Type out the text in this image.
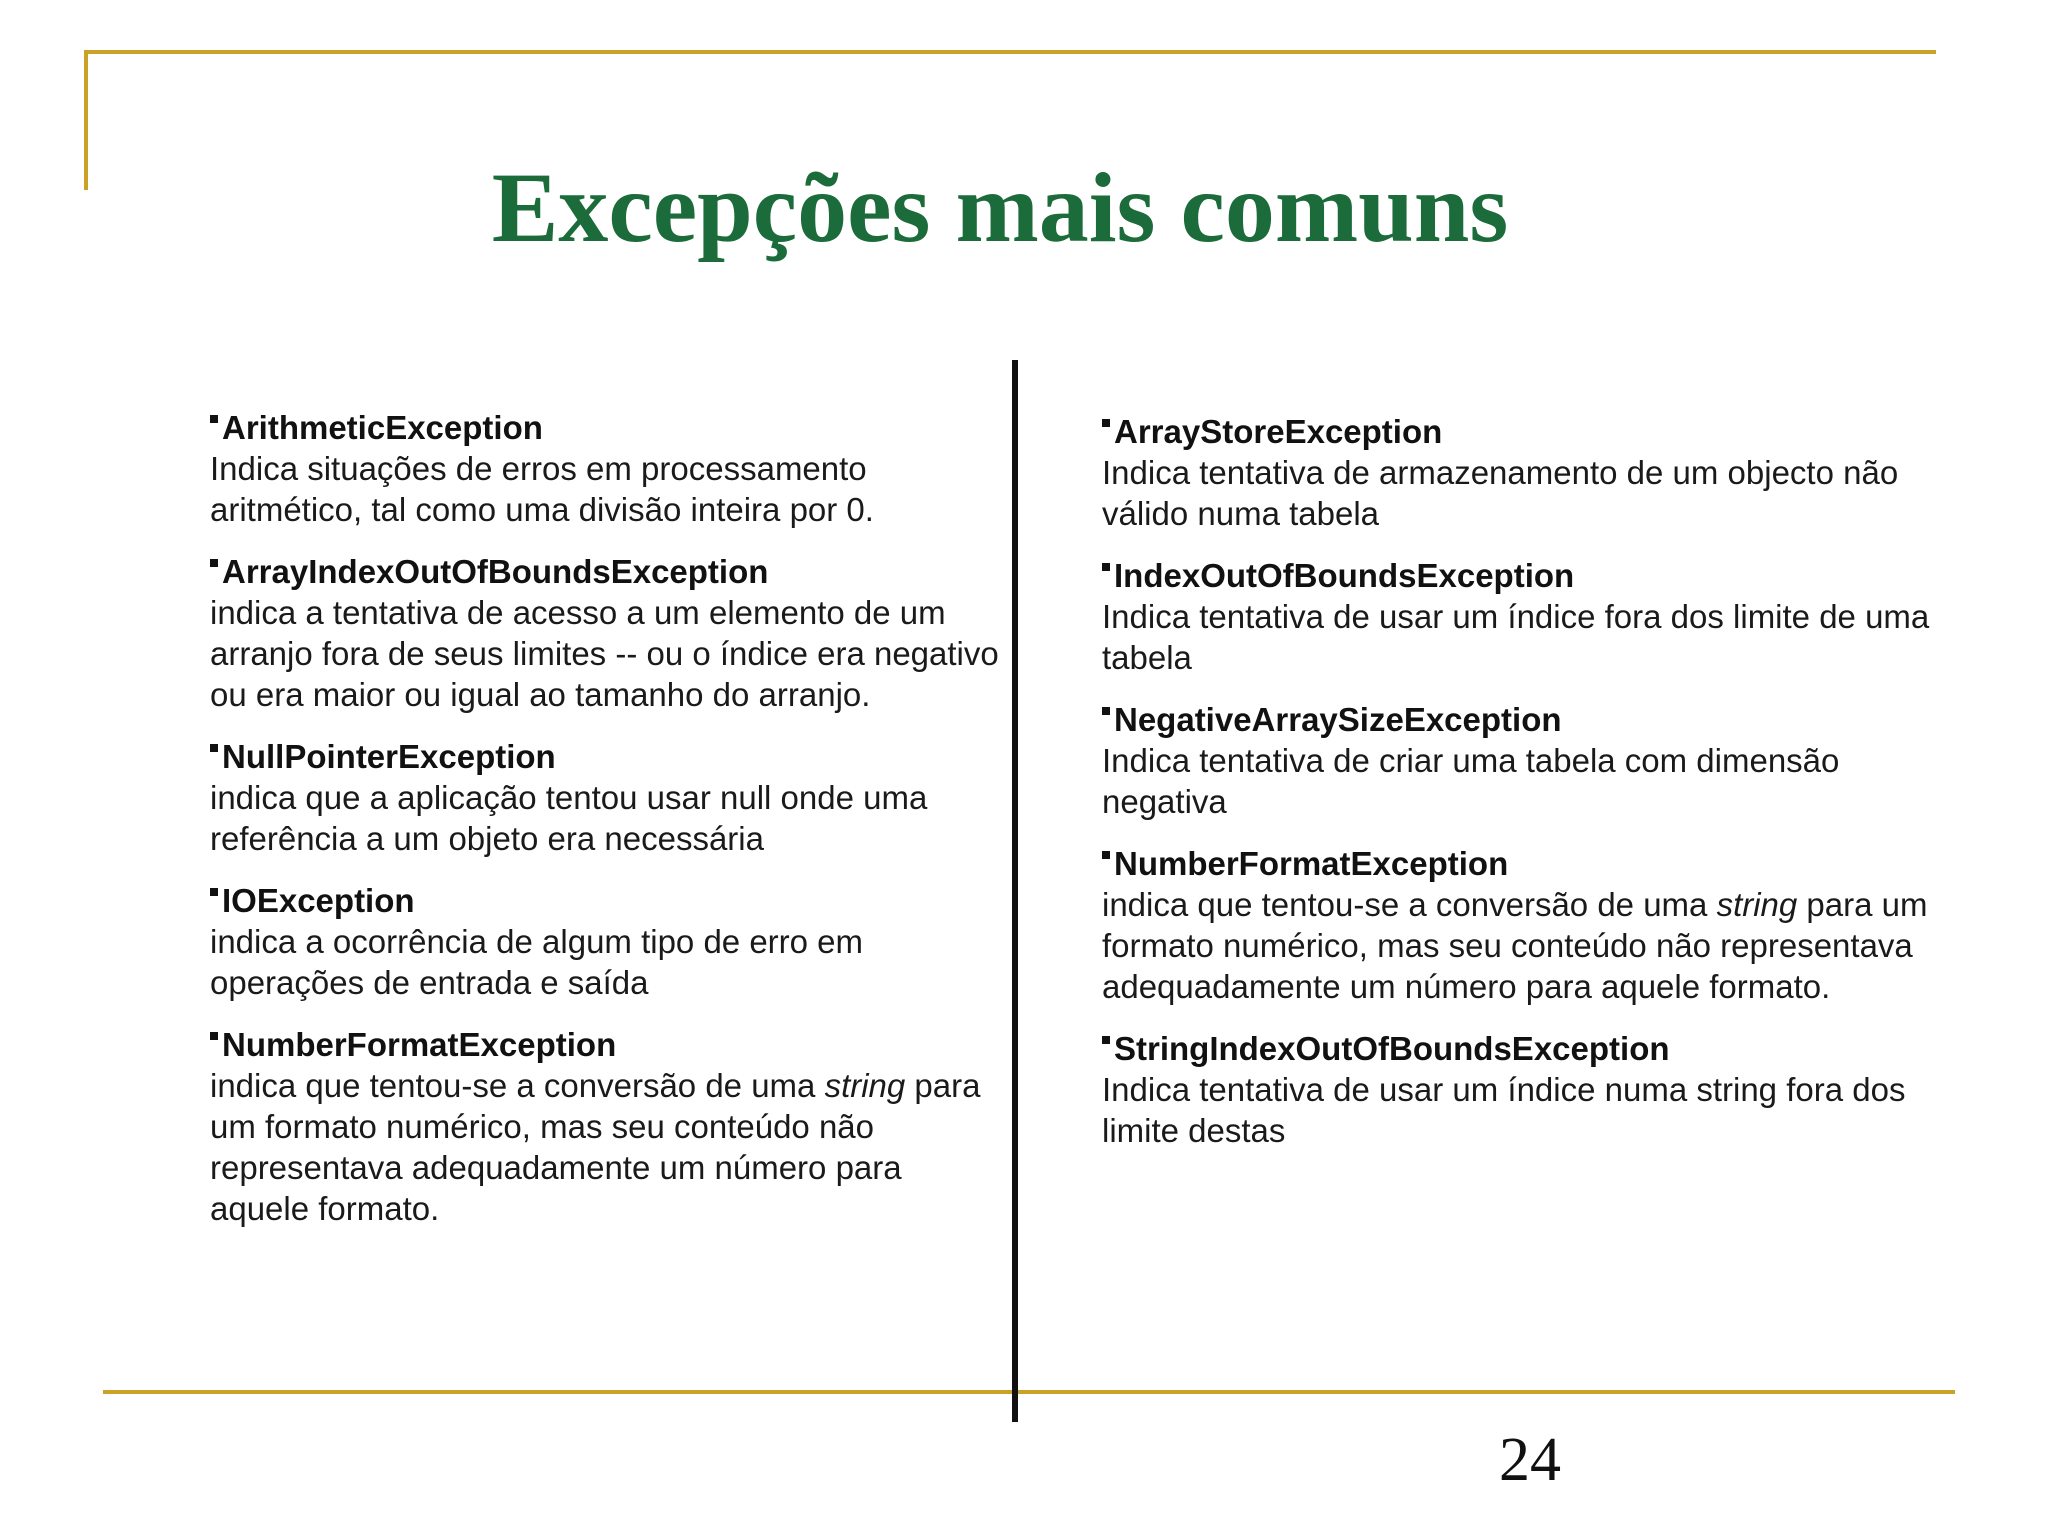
Excepções mais comuns
ArithmeticException
Indica situações de erros em processamento aritmético, tal como uma divisão inteira por 0.
ArrayIndexOutOfBoundsException
indica a tentativa de acesso a um elemento de um arranjo fora de seus limites -- ou o índice era negativo ou era maior ou igual ao tamanho do arranjo.
NullPointerException
indica que a aplicação tentou usar null onde uma referência a um objeto era necessária
IOException
indica a ocorrência de algum tipo de erro em operações de entrada e saída
NumberFormatException
indica que tentou-se a conversão de uma string para um formato numérico, mas seu conteúdo não representava adequadamente um número para aquele formato.
ArrayStoreException
Indica tentativa de armazenamento de um objecto não válido numa tabela
IndexOutOfBoundsException
Indica tentativa de usar um índice fora dos limite de uma tabela
NegativeArraySizeException
Indica tentativa de criar uma tabela com dimensão negativa
NumberFormatException
indica que tentou-se a conversão de uma string para um formato numérico, mas seu conteúdo não representava adequadamente um número para aquele formato.
StringIndexOutOfBoundsException
Indica tentativa de usar um índice numa string fora dos limite destas
24
